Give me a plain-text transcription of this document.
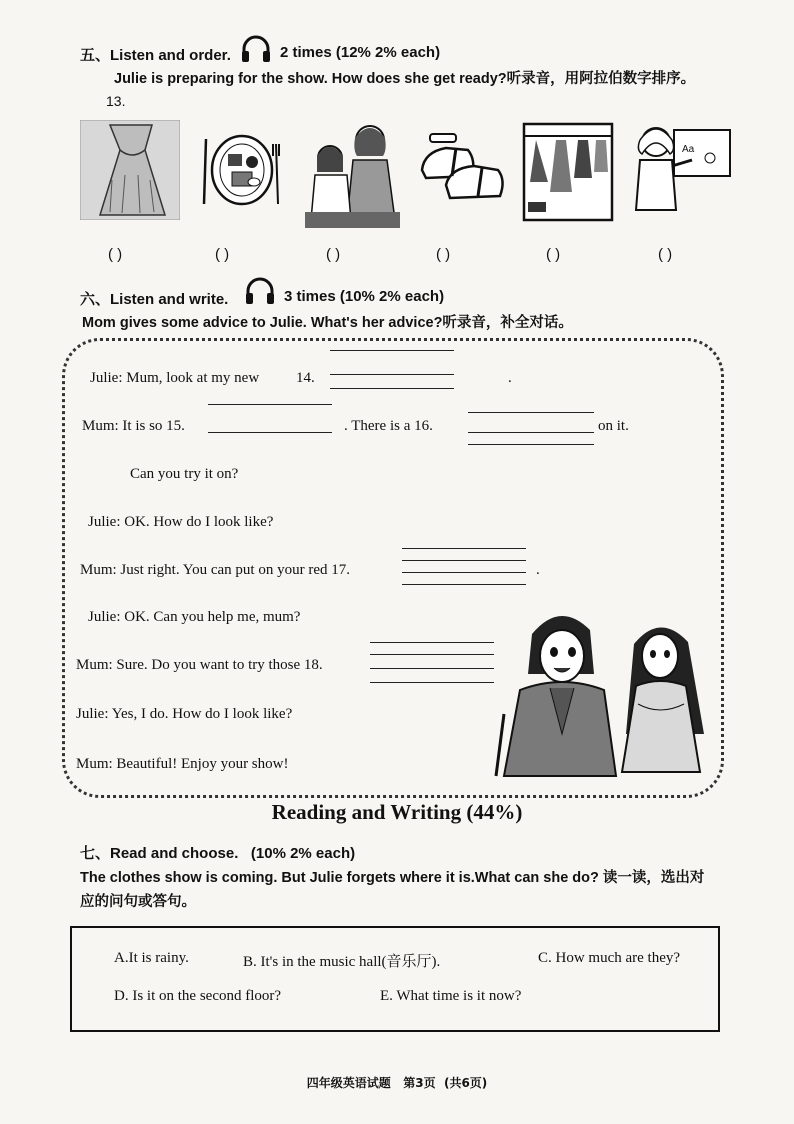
五、Listen and order.	2 times (12% 2% each)
Julie is preparing for the show. How does she get ready?听录音，用阿拉伯数字排序。
13.
Aa
( )	( )	( )	( )	( )	( )
六、Listen and write.	3 times (10% 2% each)
Mom gives some advice to Julie. What's her advice?听录音，补全对话。
Julie: Mum, look at my new 14.	.
Mum: It is so 15.	. There is a 16.	on it.
Can you try it on?
Julie: OK. How do I look like?
Mum: Just right. You can put on your red 17.	.
Julie: OK. Can you help me, mum?
Mum: Sure. Do you want to try those 18.
Julie: Yes, I do. How do I look like?
Mum: Beautiful! Enjoy your show!
Reading and Writing (44%)
七、Read and choose. (10% 2% each)
The clothes show is coming. But Julie forgets where it is.What can she do? 读一读，选出对
应的问句或答句。
A.It is rainy.	B. It's in the music hall(音乐厅).	C. How much are they?
D. Is it on the second floor?	E. What time is it now?
四年级英语试题   第3页  (共6页)
